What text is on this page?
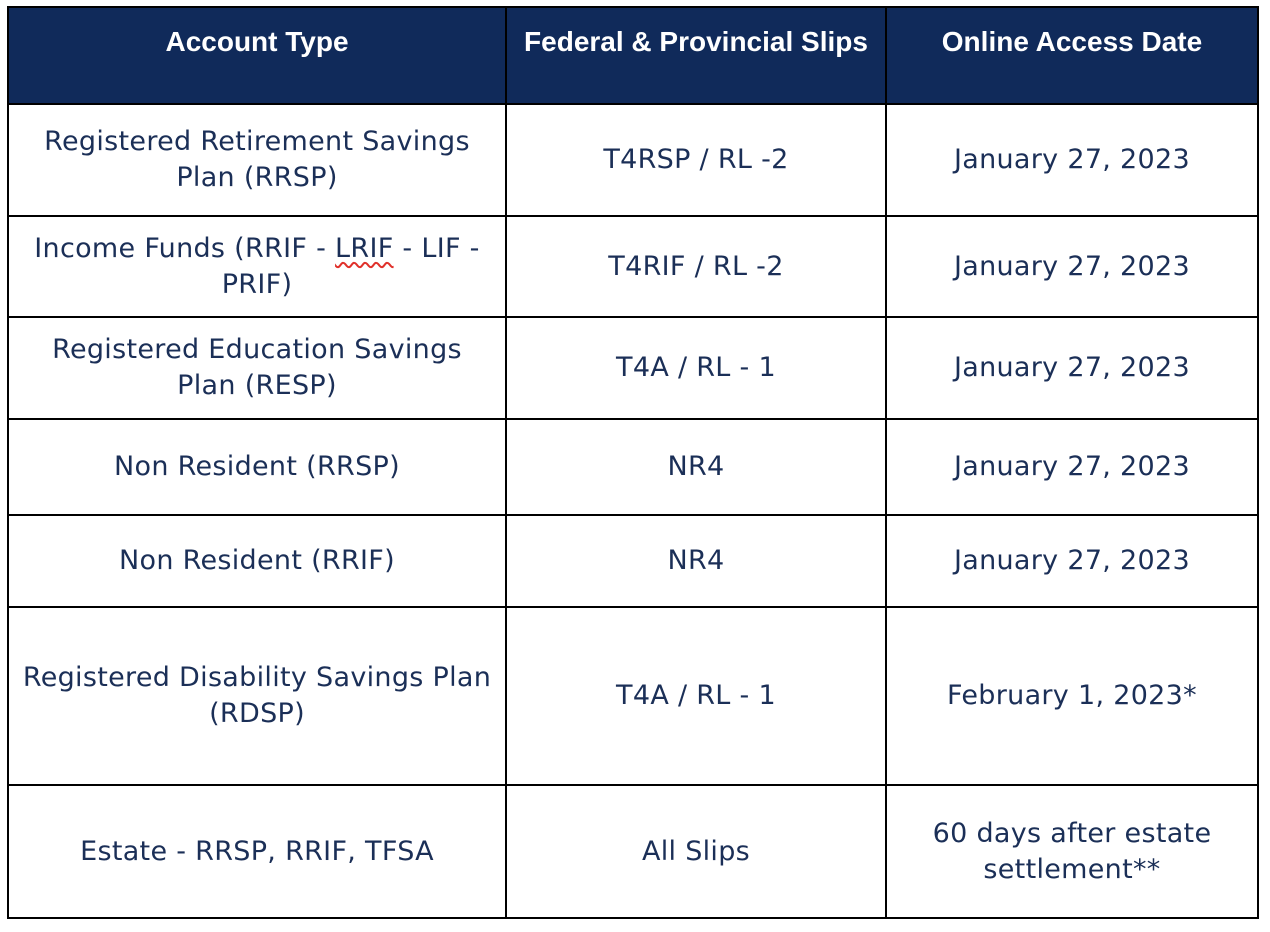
Account Type	Federal & Provincial Slips	Online Access Date
Registered Retirement Savings Plan (RRSP)	T4RSP / RL -2	January 27, 2023
Income Funds (RRIF - LRIF - LIF - PRIF)	T4RIF / RL -2	January 27, 2023
Registered Education Savings Plan (RESP)	T4A / RL - 1	January 27, 2023
Non Resident (RRSP)	NR4	January 27, 2023
Non Resident (RRIF)	NR4	January 27, 2023
Registered Disability Savings Plan (RDSP)	T4A / RL - 1	February 1, 2023*
Estate - RRSP, RRIF, TFSA	All Slips	60 days after estate settlement**
